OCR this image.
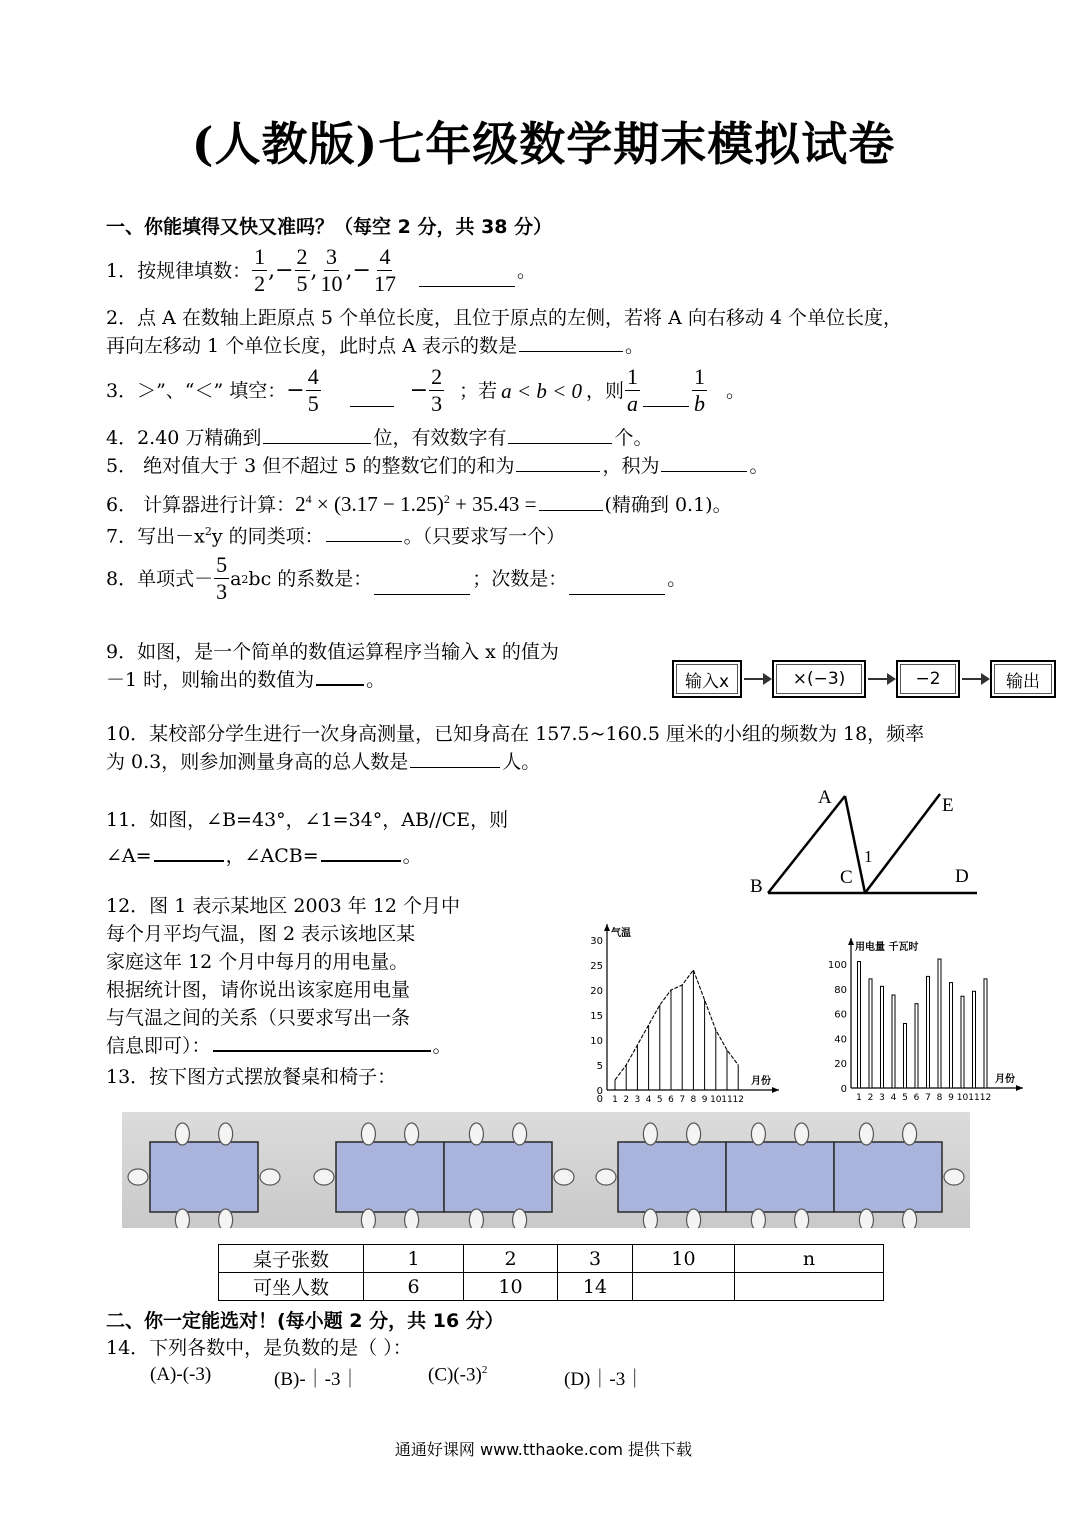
(人教版)七年级数学期末模拟试卷
一、你能填得又快又准吗？（每空 2 分，共 38 分）
1．按规律填数： $\frac{1}{2}$ , − $\frac{2}{5}$ , $\frac{3}{10}$ , − $\frac{4}{17}$	。
2．点 A 在数轴上距原点 5 个单位长度，且位于原点的左侧，若将 A 向右移动 4 个单位长度，
再向左移动 1 个单位长度，此时点 A 表示的数是	。
3．＞”、“＜” 填空： − $\frac{4}{5}$	− $\frac{2}{3}$ ；若 a < b < 0 ，则 $\frac{1}{a} \frac{1}{b}$ 。
4．2.40 万精确到	位，有效数字有	个。
5． 绝对值大于 3 但不超过 5 的整数它们的和为	，积为	。
6． 计算器进行计算：$2^4 \times (3.17 - 1.25)^2 + 35.43$ =	(精确到 0.1)。
7．写出$-x^2y$ 的同类项：	。（只要求写一个）
8．单项式－ $\frac{5}{3}$ a 2 bc 的系数是：	；次数是：	。
9．如图，是一个简单的数值运算程序当输入 x 的值为
－1 时，则输出的数值为	。	输入x	×(−3)	−2	输出
10．某校部分学生进行一次身高测量，已知身高在 157.5~160.5 厘米的小组的频数为 18，频率
为 0.3，则参加测量身高的总人数是	人。
11．如图，∠B=43°，∠1=34°，AB//CE，则
∠A=	，∠ACB=	。
A
B	C	D
E
1
12．图 1 表示某地区 2003 年 12 个月中
每个月平均气温，图 2 表示该地区某
家庭这年 12 个月中每月的用电量。
根据统计图，请你说出该家庭用电量
与气温之间的关系（只要求写出一条
信息即可）：	。
气温
月份
0
5
10
15
20
25
30
1 2 3 4 5 6 7 8 9 10 11 12
0
用电量 千瓦时
月份
0
20
40
60
80
100
1 2 3 4 5 6 7 8 9 10 11 12
13．按下图方式摆放餐桌和椅子：
桌子张数	1	2	3	10	n
可坐人数	6	10	14		
二、你一定能选对！(每小题 2 分，共 16 分）
14．下列各数中，是负数的是（ ）：
(A)-(-3)	(B)-｜-3｜	$(C)(-3)^2$	(D)｜-3｜
通通好课网 www.tthaoke.com 提供下载
